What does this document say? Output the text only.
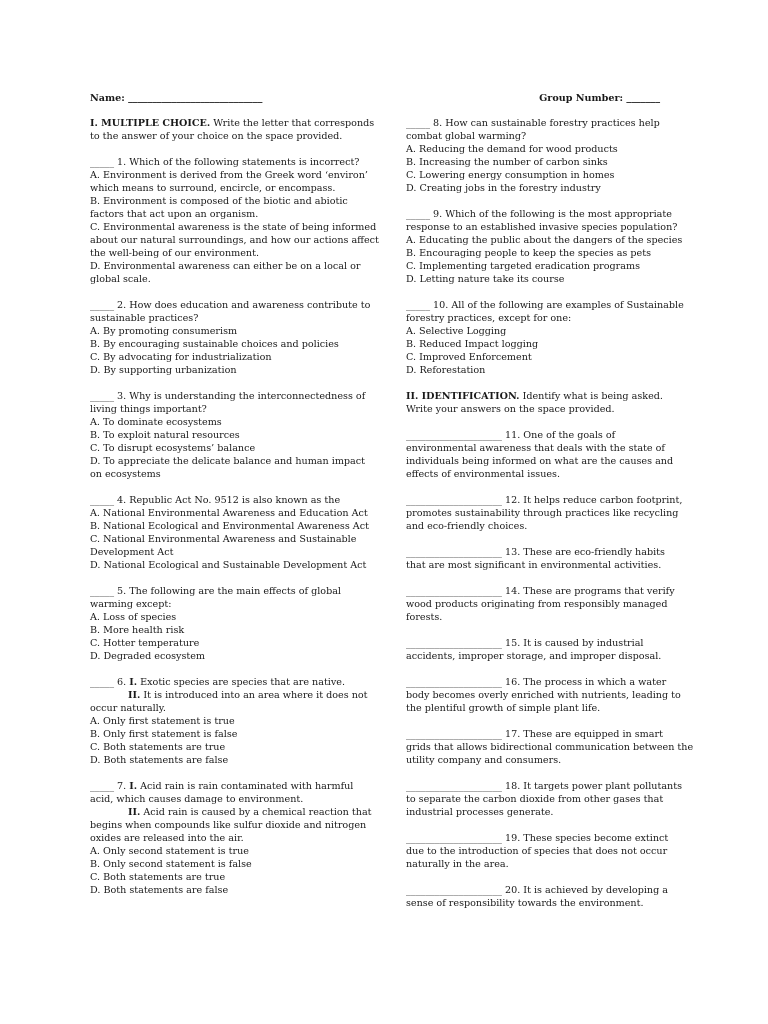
Name: ____________________________	Group Number: _______
I. MULTIPLE CHOICE. Write the letter that corresponds
to the answer of your choice on the space provided.
_____ 1. Which of the following statements is incorrect?
A. Environment is derived from the Greek word ‘environ’
which means to surround, encircle, or encompass.
B. Environment is composed of the biotic and abiotic
factors that act upon an organism.
C. Environmental awareness is the state of being informed
about our natural surroundings, and how our actions affect
the well-being of our environment.
D. Environmental awareness can either be on a local or
global scale.
_____ 2. How does education and awareness contribute to
sustainable practices?
A. By promoting consumerism
B. By encouraging sustainable choices and policies
C. By advocating for industrialization
D. By supporting urbanization
_____ 3. Why is understanding the interconnectedness of
living things important?
A. To dominate ecosystems
B. To exploit natural resources
C. To disrupt ecosystems’ balance
D. To appreciate the delicate balance and human impact
on ecosystems
_____ 4. Republic Act No. 9512 is also known as the
A. National Environmental Awareness and Education Act
B. National Ecological and Environmental Awareness Act
C. National Environmental Awareness and Sustainable
Development Act
D. National Ecological and Sustainable Development Act
_____ 5. The following are the main effects of global
warming except:
A. Loss of species
B. More health risk
C. Hotter temperature
D. Degraded ecosystem
_____ 6. I. Exotic species are species that are native.
II. It is introduced into an area where it does not
occur naturally.
A. Only first statement is true
B. Only first statement is false
C. Both statements are true
D. Both statements are false
_____ 7. I. Acid rain is rain contaminated with harmful
acid, which causes damage to environment.
II. Acid rain is caused by a chemical reaction that
begins when compounds like sulfur dioxide and nitrogen
oxides are released into the air.
A. Only second statement is true
B. Only second statement is false
C. Both statements are true
D. Both statements are false
_____ 8. How can sustainable forestry practices help
combat global warming?
A. Reducing the demand for wood products
B. Increasing the number of carbon sinks
C. Lowering energy consumption in homes
D. Creating jobs in the forestry industry
_____ 9. Which of the following is the most appropriate
response to an established invasive species population?
A. Educating the public about the dangers of the species
B. Encouraging people to keep the species as pets
C. Implementing targeted eradication programs
D. Letting nature take its course
_____ 10. All of the following are examples of Sustainable
forestry practices, except for one:
A. Selective Logging
B. Reduced Impact logging
C. Improved Enforcement
D. Reforestation
II. IDENTIFICATION. Identify what is being asked.
Write your answers on the space provided.
____________________ 11. One of the goals of
environmental awareness that deals with the state of
individuals being informed on what are the causes and
effects of environmental issues.
____________________ 12. It helps reduce carbon footprint,
promotes sustainability through practices like recycling
and eco-friendly choices.
____________________ 13. These are eco-friendly habits
that are most significant in environmental activities.
____________________ 14. These are programs that verify
wood products originating from responsibly managed
forests.
____________________ 15. It is caused by industrial
accidents, improper storage, and improper disposal.
____________________ 16. The process in which a water
body becomes overly enriched with nutrients, leading to
the plentiful growth of simple plant life.
____________________ 17. These are equipped in smart
grids that allows bidirectional communication between the
utility company and consumers.
____________________ 18. It targets power plant pollutants
to separate the carbon dioxide from other gases that
industrial processes generate.
____________________ 19. These species become extinct
due to the introduction of species that does not occur
naturally in the area.
____________________ 20. It is achieved by developing a
sense of responsibility towards the environment.
